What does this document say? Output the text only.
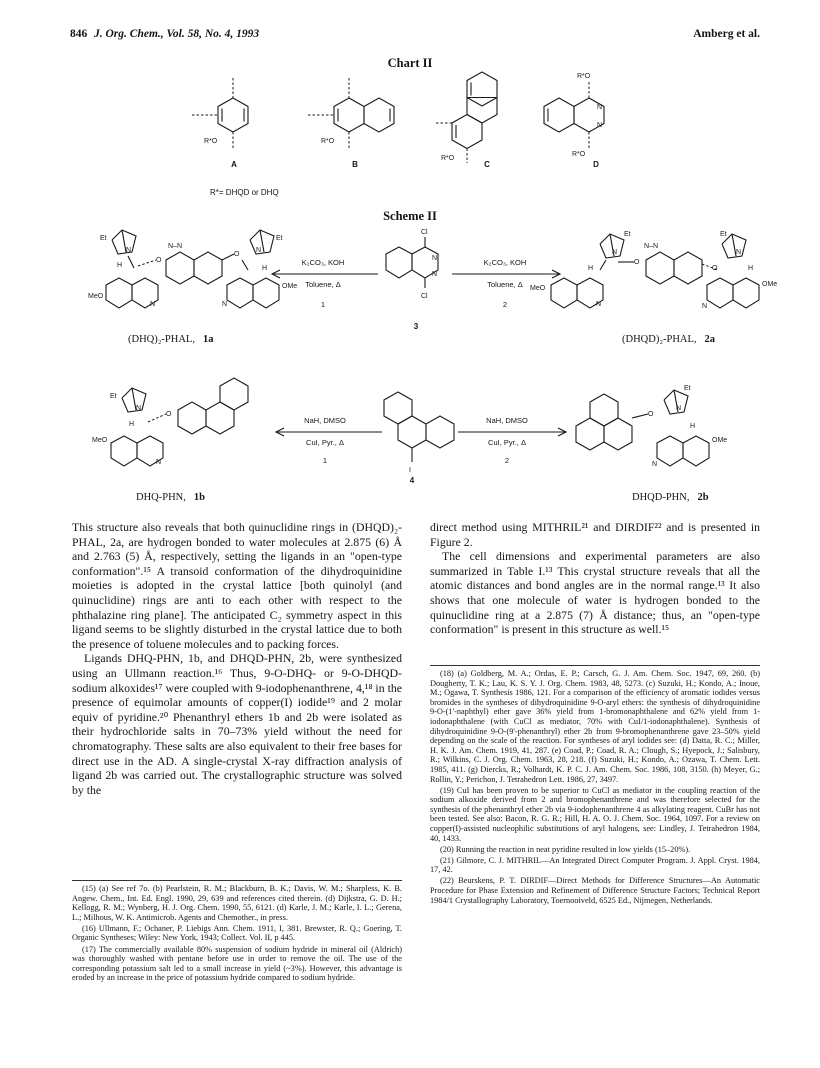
846 J. Org. Chem., Vol. 58, No. 4, 1993	Amberg et al.
Chart II
R*O	R*O
R*O
R*O
N
N
R*O
A	B	C	D
R*= DHQD or DHQ
Scheme II
Et
N
H
MeO
N
O
N–N
O
Et
N
H
OMe
N
Cl
N
N
Cl
Et
N
H
MeO
N
O
N–N
O
Et
N
H
OMe
N
K₂CO₃, KOH
Toluene, Δ
1
K₂CO₃, KOH
Toluene, Δ
2
3
(DHQ)₂-PHAL, 1a	(DHQD)₂-PHAL, 2a
Et
N
H
MeO
N
O
I
O
Et
N
H
OMe
N
NaH, DMSO
CuI, Pyr., Δ
1
NaH, DMSO
CuI, Pyr., Δ
2
4
DHQ-PHN, 1b	DHQD-PHN, 2b

This structure also reveals that both quinuclidine rings in (DHQD)₂-PHAL, 2a, are hydrogen bonded to water molecules at 2.875 (6) Å and 2.763 (5) Å, respectively, setting the ligands in an "open-type conformation".¹⁵ A transoid conformation of the dihydroquinidine moieties is adopted in the crystal lattice [both quinolyl (and quinuclidine) rings are anti to each other with respect to the phthalazine ring plane]. The anticipated C₂ symmetry aspect in this ligand seems to be slightly disturbed in the crystal lattice due to both the presence of toluene molecules and to packing forces.

Ligands DHQ-PHN, 1b, and DHQD-PHN, 2b, were synthesized using an Ullmann reaction.¹⁶ Thus, 9-O-DHQ- or 9-O-DHQD-sodium alkoxides¹⁷ were coupled with 9-iodophenanthrene, 4,¹⁸ in the presence of equimolar amounts of copper(I) iodide¹⁹ and 2 molar equiv of pyridine.²⁰ Phenanthryl ethers 1b and 2b were isolated as their hydrochloride salts in 70–73% yield without the need for chromatography. These salts are also equivalent to their free bases for direct use in the AD. A single-crystal X-ray diffraction analysis of ligand 2b was carried out. The crystallographic structure was solved by the

direct method using MITHRIL²¹ and DIRDIF²² and is presented in Figure 2.

The cell dimensions and experimental parameters are also summarized in Table I.¹³ This crystal structure reveals that all the atomic distances and bond angles are in the normal range.¹³ It also shows that one molecule of water is hydrogen bonded to the quinuclidine ring at a 2.875 (7) Å distance; thus, an "open-type conformation" is present in this structure as well.¹⁵

(18) (a) Goldberg, M. A.; Ordas, E. P.; Carsch, G. J. Am. Chem. Soc. 1947, 69, 260. (b) Dougherty, T. K.; Lau, K. S. Y. J. Org. Chem. 1983, 48, 5273. (c) Suzuki, H.; Kondo, A.; Inoue, M.; Ogawa, T. Synthesis 1986, 121. For a comparison of the efficiency of aromatic iodides versus bromides in the syntheses of dihydroquinidine 9-O-aryl ethers: the synthesis of dihydroquinidine 9-O-(1'-naphthyl) ether gave 36% yield from 1-bromonaphthalene and 62% yield from 1-iodonaphthalene (with CuCl as mediator, 70% with CuI/1-iodonaphthalene). Synthesis of dihydroquinidine 9-O-(9'-phenanthryl) ether 2b from 9-bromophenanthrene gave 23–50% yield depending on the scale of the reaction. For syntheses of aryl iodides see: (d) Datta, R. C.; Miller, H. K. J. Am. Chem. 1919, 41, 287. (e) Coad, P.; Coad, R. A.; Clough, S.; Hyepock, J.; Salisbury, R.; Wilkins, C. J. Org. Chem. 1963, 28, 218. (f) Suzuki, H.; Kondo, A.; Ozawa, T. Chem. Lett. 1985, 411. (g) Diercks, R.; Volhardt, K. P. C. J. Am. Chem. Soc. 1986, 108, 3150. (h) Meyer, G.; Rollin, Y.; Perichon, J. Tetrahedron Lett. 1986, 27, 3497.

(19) CuI has been proven to be superior to CuCl as mediator in the coupling reaction of the sodium alkoxide derived from 2 and bromophenanthrene and was therefore selected for the synthesis of the phenanthryl ether 2b via 9-iodophenanthrene 4 as alkylating reagent. CuBr has not been tested. See also: Bacon, R. G. R.; Hill, H. A. O. J. Chem. Soc. 1964, 1097. For a review on copper(I)-assisted nucleophilic substitutions of aryl halogens, see: Lindley, J. Tetrahedron 1984, 40, 1433.

(20) Running the reaction in neat pyridine resulted in low yields (15–20%).

(21) Gilmore, C. J. MITHRIL—An Integrated Direct Computer Program. J. Appl. Cryst. 1984, 17, 42.

(22) Beurskens, P. T. DIRDIF—Direct Methods for Difference Structures—An Automatic Procedure for Phase Extension and Refinement of Difference Structure Factors; Technical Report 1984/1 Crystallography Laboratory, Toernooiveld, 6525 Ed., Nijmegen, Netherlands.

(15) (a) See ref 7o. (b) Pearlstein, R. M.; Blackburn, B. K.; Davis, W. M.; Sharpless, K. B. Angew. Chem., Int. Ed. Engl. 1990, 29, 639 and references cited therein. (d) Dijkstra, G. D. H.; Kellogg, R. M.; Wynberg, H. J. Org. Chem. 1990, 55, 6121. (d) Karle, J. M.; Karle, I. L.; Gerena, L.; Milhous, W. K. Antimicrob. Agents and Chemother., in press.

(16) Ullmann, F.; Ochaner, P. Liebigs Ann. Chem. 1911, I, 381. Brewster, R. Q.; Goering, T. Organic Syntheses; Wiley: New York, 1943; Collect. Vol. II, p 445.

(17) The commercially available 80% suspension of sodium hydride in mineral oil (Aldrich) was thoroughly washed with pentane before use in order to remove the oil. The use of the corresponding potassium salt led to a small increase in yield (~3%). However, this advantage is eroded by an increase in the price of potassium hydride compared to sodium hydride.
